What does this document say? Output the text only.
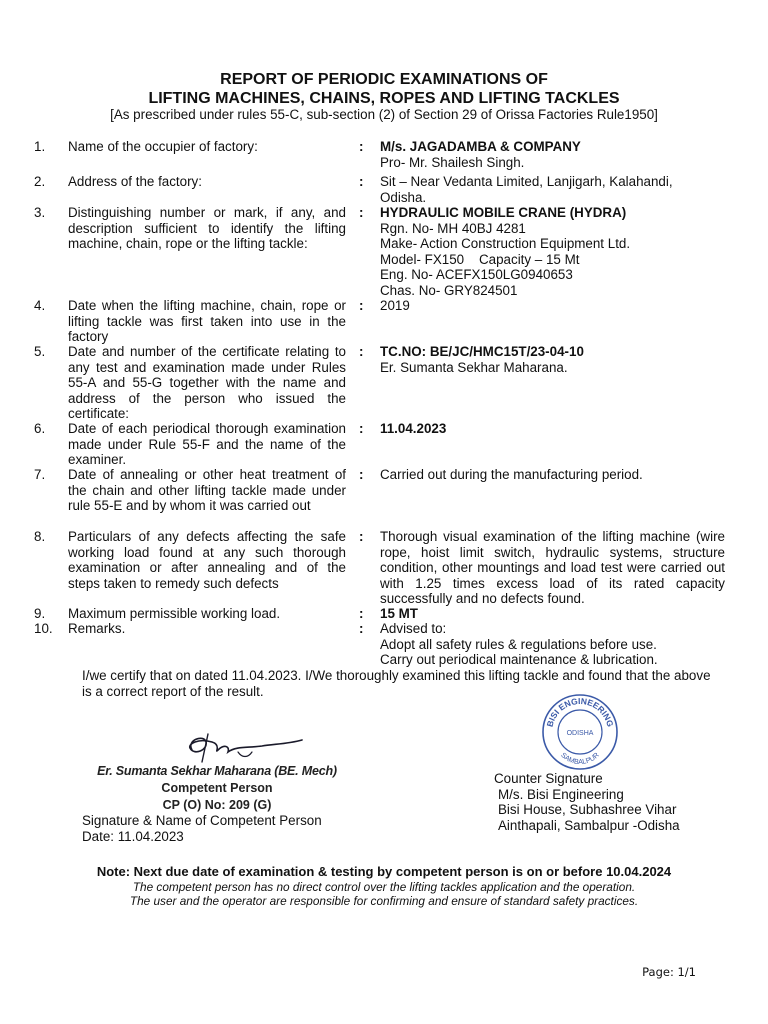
REPORT OF PERIODIC EXAMINATIONS OF
LIFTING MACHINES, CHAINS, ROPES AND LIFTING TACKLES
[As prescribed under rules 55-C, sub-section (2) of Section 29 of Orissa Factories Rule1950]
1.	Name of the occupier of factory:	: M/s. JAGADAMBA & COMPANY
Pro- Mr. Shailesh Singh.
2.	Address of the factory:	: Sit – Near Vedanta Limited, Lanjigarh, Kalahandi,
Odisha.
3.	Distinguishing number or mark, if any, and description sufficient to identify the lifting machine, chain, rope or the lifting tackle:
: HYDRAULIC MOBILE CRANE (HYDRA)
Rgn. No- MH 40BJ 4281
Make- Action Construction Equipment Ltd.
Model- FX150    Capacity – 15 Mt
Eng. No- ACEFX150LG0940653
Chas. No- GRY824501
4.	Date when the lifting machine, chain, rope or lifting tackle was first taken into use in the factory
: 2019
5.	Date and number of the certificate relating to any test and examination made under Rules 55-A and 55-G together with the name and address of the person who issued the certificate:
: TC.NO: BE/JC/HMC15T/23-04-10
Er. Sumanta Sekhar Maharana.
6.	Date of each periodical thorough examination made under Rule 55-F and the name of the examiner.
: 11.04.2023
7.	Date of annealing or other heat treatment of the chain and other lifting tackle made under rule 55-E and by whom it was carried out
: Carried out during the manufacturing period.
8.	Particulars of any defects affecting the safe working load found at any such thorough examination or after annealing and of the steps taken to remedy such defects
: Thorough visual examination of the lifting machine (wire rope, hoist limit switch, hydraulic systems, structure condition, other mountings and load test were carried out with 1.25 times excess load of its rated capacity successfully and no defects found.
9.	Maximum permissible working load.	: 15 MT
10.	Remarks.	: Advised to:
Adopt all safety rules & regulations before use.
Carry out periodical maintenance & lubrication.
I/we certify that on dated 11.04.2023. I/We thoroughly examined this lifting tackle and found that the above is a correct report of the result.
Er. Sumanta Sekhar Maharana (BE. Mech)
Competent Person
CP (O) No: 209 (G)
Signature & Name of Competent Person
Date: 11.04.2023
BISI ENGINEERING
SAMBALPUR
ODISHA
Counter Signature
M/s. Bisi Engineering
Bisi House, Subhashree Vihar
Ainthapali, Sambalpur -Odisha
Note: Next due date of examination & testing by competent person is on or before 10.04.2024
The competent person has no direct control over the lifting tackles application and the operation.
The user and the operator are responsible for confirming and ensure of standard safety practices.
Page: 1/1
